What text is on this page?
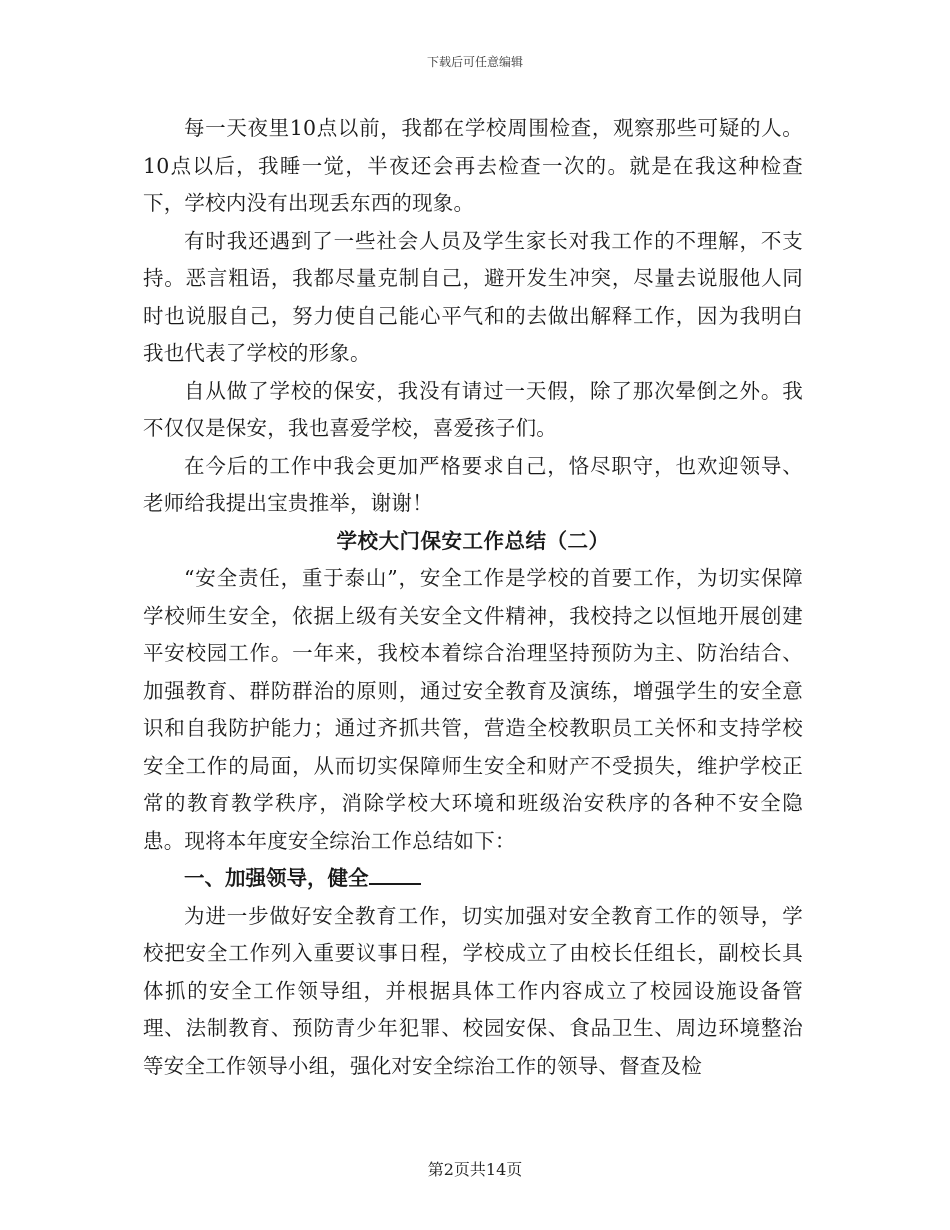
下载后可任意编辑

每一天夜里10点以前，我都在学校周围检查，观察那些可疑的人。10点以后，我睡一觉，半夜还会再去检查一次的。就是在我这种检查下，学校内没有出现丢东西的现象。

有时我还遇到了一些社会人员及学生家长对我工作的不理解，不支持。恶言粗语，我都尽量克制自己，避开发生冲突，尽量去说服他人同时也说服自己，努力使自己能心平气和的去做出解释工作，因为我明白我也代表了学校的形象。

自从做了学校的保安，我没有请过一天假，除了那次晕倒之外。我不仅仅是保安，我也喜爱学校，喜爱孩子们。

在今后的工作中我会更加严格要求自己，恪尽职守，也欢迎领导、老师给我提出宝贵推举，谢谢！

学校大门保安工作总结（二）

“安全责任，重于泰山”，安全工作是学校的首要工作，为切实保障学校师生安全，依据上级有关安全文件精神，我校持之以恒地开展创建平安校园工作。一年来，我校本着综合治理坚持预防为主、防治结合、加强教育、群防群治的原则，通过安全教育及演练，增强学生的安全意识和自我防护能力；通过齐抓共管，营造全校教职员工关怀和支持学校安全工作的局面，从而切实保障师生安全和财产不受损失，维护学校正常的教育教学秩序，消除学校大环境和班级治安秩序的各种不安全隐患。现将本年度安全综治工作总结如下：

一、加强领导，健全

为进一步做好安全教育工作，切实加强对安全教育工作的领导，学校把安全工作列入重要议事日程，学校成立了由校长任组长，副校长具体抓的安全工作领导组，并根据具体工作内容成立了校园设施设备管理、法制教育、预防青少年犯罪、校园安保、食品卫生、周边环境整治等安全工作领导小组，强化对安全综治工作的领导、督查及检

第2页共14页
